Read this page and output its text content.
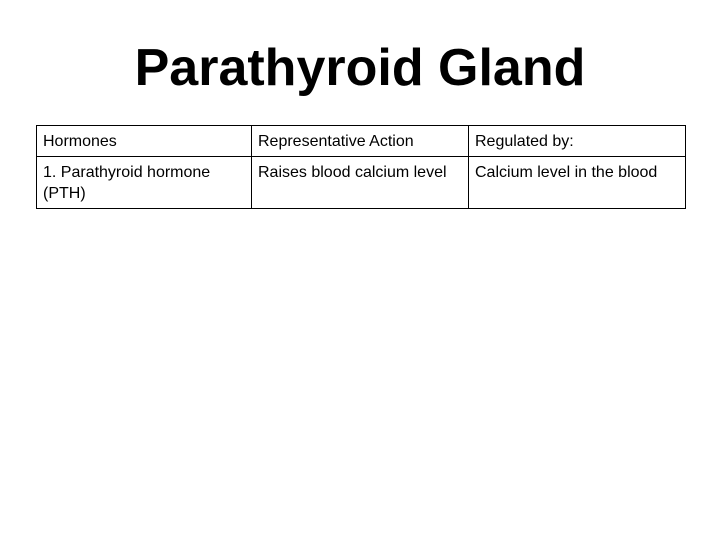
Parathyroid Gland
Hormones	Representative Action	Regulated by:
1. Parathyroid hormone (PTH)	Raises blood calcium level	Calcium level in the blood
